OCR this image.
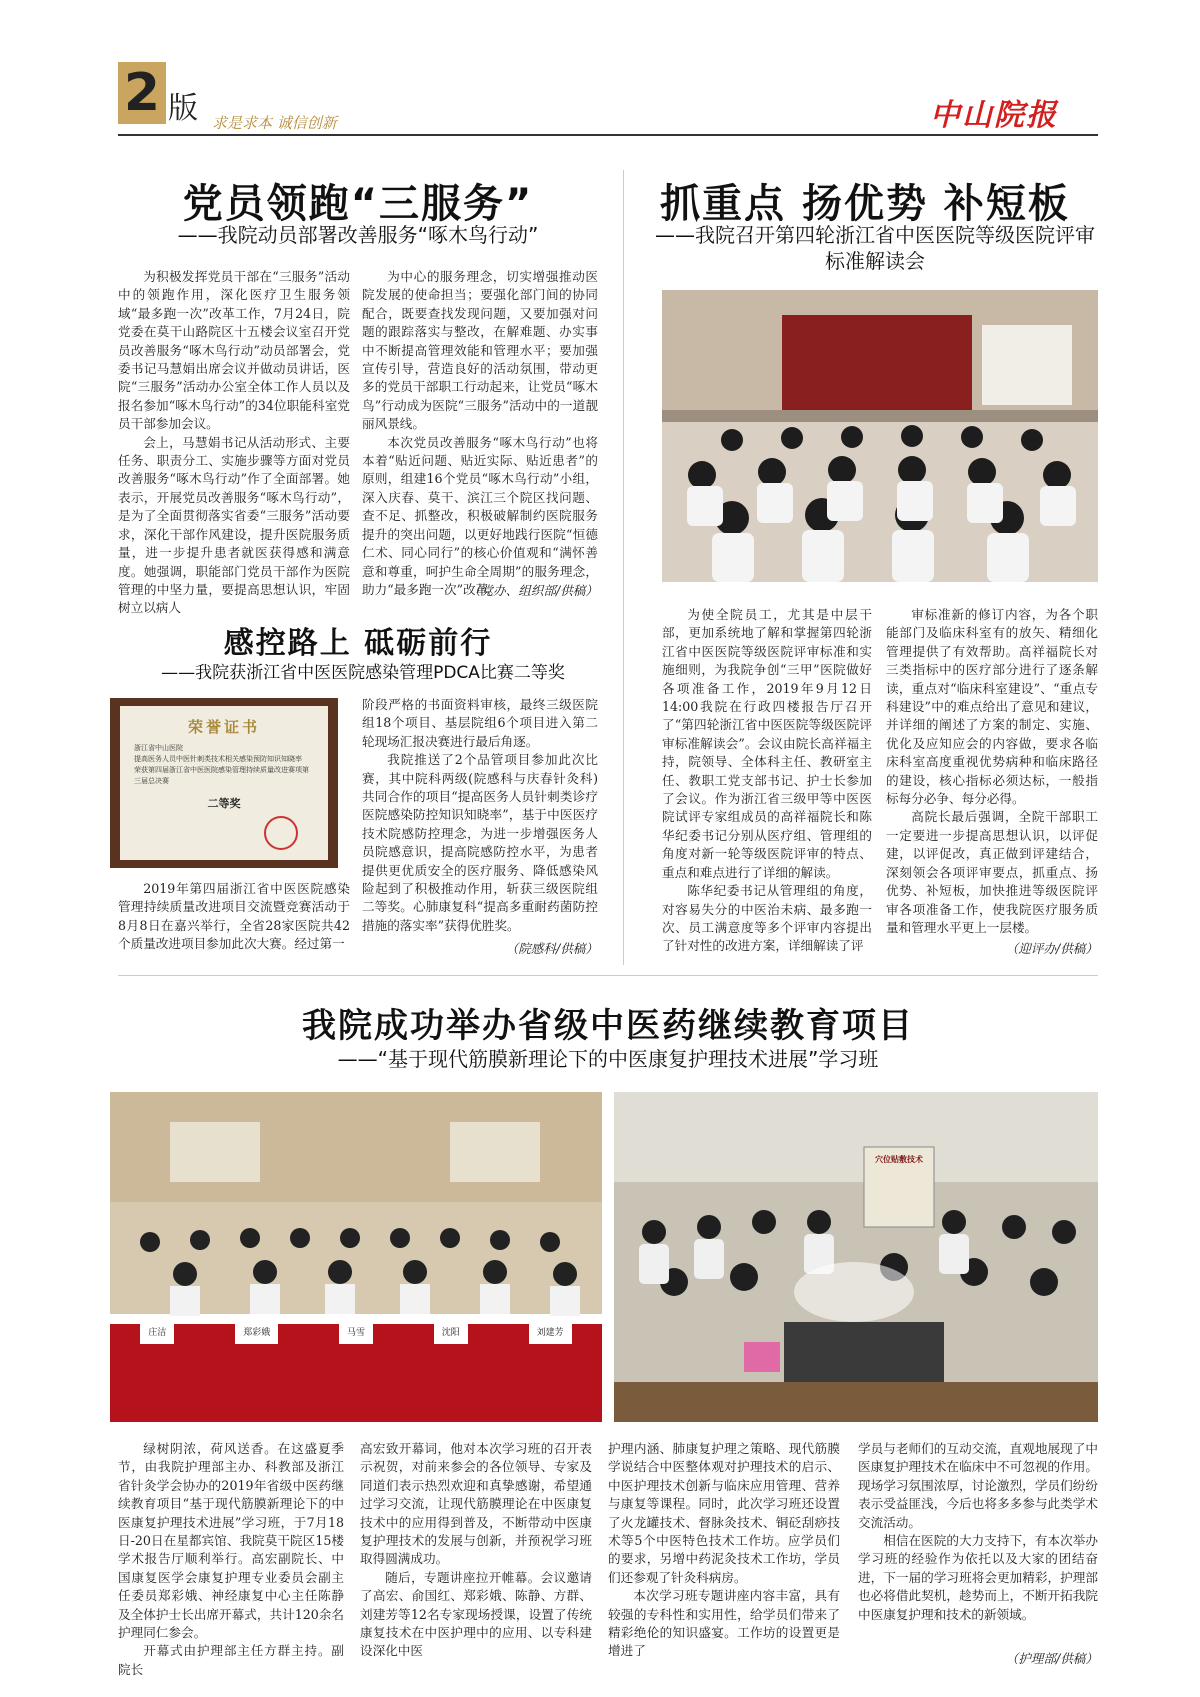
2 版 求是求本 诚信创新	中山院报
党员领跑“三服务”
——我院动员部署改善服务“啄木鸟行动”

为积极发挥党员干部在“三服务”活动中的领跑作用，深化医疗卫生服务领域“最多跑一次”改革工作，7月24日，院党委在莫干山路院区十五楼会议室召开党员改善服务“啄木鸟行动”动员部署会，党委书记马慧娟出席会议并做动员讲话，医院“三服务”活动办公室全体工作人员以及报名参加“啄木鸟行动”的34位职能科室党员干部参加会议。

会上，马慧娟书记从活动形式、主要任务、职责分工、实施步骤等方面对党员改善服务“啄木鸟行动”作了全面部署。她表示，开展党员改善服务“啄木鸟行动”，是为了全面贯彻落实省委“三服务”活动要求，深化干部作风建设，提升医院服务质量，进一步提升患者就医获得感和满意度。她强调，职能部门党员干部作为医院管理的中坚力量，要提高思想认识，牢固树立以病人

为中心的服务理念，切实增强推动医院发展的使命担当；要强化部门间的协同配合，既要查找发现问题，又要加强对问题的跟踪落实与整改，在解难题、办实事中不断提高管理效能和管理水平；要加强宣传引导，营造良好的活动氛围，带动更多的党员干部职工行动起来，让党员“啄木鸟”行动成为医院“三服务”活动中的一道靓丽风景线。

本次党员改善服务“啄木鸟行动”也将本着“贴近问题、贴近实际、贴近患者”的原则，组建16个党员“啄木鸟行动”小组，深入庆春、莫干、滨江三个院区找问题、查不足、抓整改，积极破解制约医院服务提升的突出问题，以更好地践行医院“恒德仁术、同心同行”的核心价值观和“满怀善意和尊重，呵护生命全周期”的服务理念，助力“最多跑一次”改革。

（党办、组织部/供稿）
抓重点 扬优势 补短板
——我院召开第四轮浙江省中医医院等级医院评审标准解读会

为使全院员工，尤其是中层干部，更加系统地了解和掌握第四轮浙江省中医医院等级医院评审标准和实施细则，为我院争创“三甲”医院做好各项准备工作，2019年9月12日14:00我院在行政四楼报告厅召开了“第四轮浙江省中医医院等级医院评审标准解读会”。会议由院长高祥福主持，院领导、全体科主任、教研室主任、教职工党支部书记、护士长参加了会议。作为浙江省三级甲等中医医院试评专家组成员的高祥福院长和陈华纪委书记分别从医疗组、管理组的角度对新一轮等级医院评审的特点、重点和难点进行了详细的解读。

陈华纪委书记从管理组的角度，对容易失分的中医治未病、最多跑一次、员工满意度等多个评审内容提出了针对性的改进方案，详细解读了评

审标准新的修订内容，为各个职能部门及临床科室有的放矢、精细化管理提供了有效帮助。高祥福院长对三类指标中的医疗部分进行了逐条解读，重点对“临床科室建设”、“重点专科建设”中的难点给出了意见和建议，并详细的阐述了方案的制定、实施、优化及应知应会的内容做，要求各临床科室高度重视优势病种和临床路径的建设，核心指标必须达标，一般指标每分必争、每分必得。

高院长最后强调，全院干部职工一定要进一步提高思想认识，以评促建，以评促改，真正做到评建结合，深刻领会各项评审要点，抓重点、扬优势、补短板，加快推进等级医院评审各项准备工作，使我院医疗服务质量和管理水平更上一层楼。

（迎评办/供稿）
感控路上 砥砺前行
——我院获浙江省中医医院感染管理PDCA比赛二等奖
荣誉证书
浙江省中山医院
提高医务人员中医针刺类技术相关感染预防知识知晓率
荣获第四届浙江省中医医院感染管理持续质量改进赛项第三届总决赛
二等奖

2019年第四届浙江省中医医院感染管理持续质量改进项目交流暨竞赛活动于8月8日在嘉兴举行，全省28家医院共42个质量改进项目参加此次大赛。经过第一

阶段严格的书面资料审核，最终三级医院组18个项目、基层院组6个项目进入第二轮现场汇报决赛进行最后角逐。

我院推送了2个品管项目参加此次比赛，其中院科两级(院感科与庆春针灸科)共同合作的项目“提高医务人员针刺类诊疗医院感染防控知识知晓率”，基于中医医疗技术院感防控理念，为进一步增强医务人员院感意识，提高院感防控水平，为患者提供更优质安全的医疗服务、降低感染风险起到了积极推动作用，斩获三级医院组二等奖。心肺康复科“提高多重耐药菌防控措施的落实率”获得优胜奖。

（院感科/供稿）
我院成功举办省级中医药继续教育项目
——“基于现代筋膜新理论下的中医康复护理技术进展”学习班
庄洁	郑彩娥	马雪	沈阳	刘建芳
穴位贴敷技术

绿树阴浓，荷风送香。在这盛夏季节，由我院护理部主办、科教部及浙江省针灸学会协办的2019年省级中医药继续教育项目“基于现代筋膜新理论下的中医康复护理技术进展”学习班，于7月18日-20日在星都宾馆、我院莫干院区15楼学术报告厅顺利举行。高宏副院长、中国康复医学会康复护理专业委员会副主任委员郑彩娥、神经康复中心主任陈静及全体护士长出席开幕式，共计120余名护理同仁参会。

开幕式由护理部主任方群主持。副院长

高宏致开幕词，他对本次学习班的召开表示祝贺，对前来参会的各位领导、专家及同道们表示热烈欢迎和真挚感谢，希望通过学习交流，让现代筋膜理论在中医康复技术中的应用得到普及，不断带动中医康复护理技术的发展与创新，并预祝学习班取得圆满成功。

随后，专题讲座拉开帷幕。会议邀请了高宏、俞国红、郑彩娥、陈静、方群、刘建芳等12名专家现场授课，设置了传统康复技术在中医护理中的应用、以专科建设深化中医

护理内涵、肺康复护理之策略、现代筋膜学说结合中医整体观对护理技术的启示、中医护理技术创新与临床应用管理、营养与康复等课程。同时，此次学习班还设置了火龙罐技术、督脉灸技术、铜砭刮痧技术等5个中医特色技术工作坊。应学员们的要求，另增中药泥灸技术工作坊，学员们还参观了针灸科病房。

本次学习班专题讲座内容丰富，具有较强的专科性和实用性，给学员们带来了精彩绝伦的知识盛宴。工作坊的设置更是增进了

学员与老师们的互动交流，直观地展现了中医康复护理技术在临床中不可忽视的作用。现场学习氛围浓厚，讨论激烈，学员们纷纷表示受益匪浅，今后也将多多参与此类学术交流活动。

相信在医院的大力支持下，有本次举办学习班的经验作为依托以及大家的团结奋进，下一届的学习班将会更加精彩，护理部也必将借此契机，趁势而上，不断开拓我院中医康复护理和技术的新领域。

（护理部/供稿）
